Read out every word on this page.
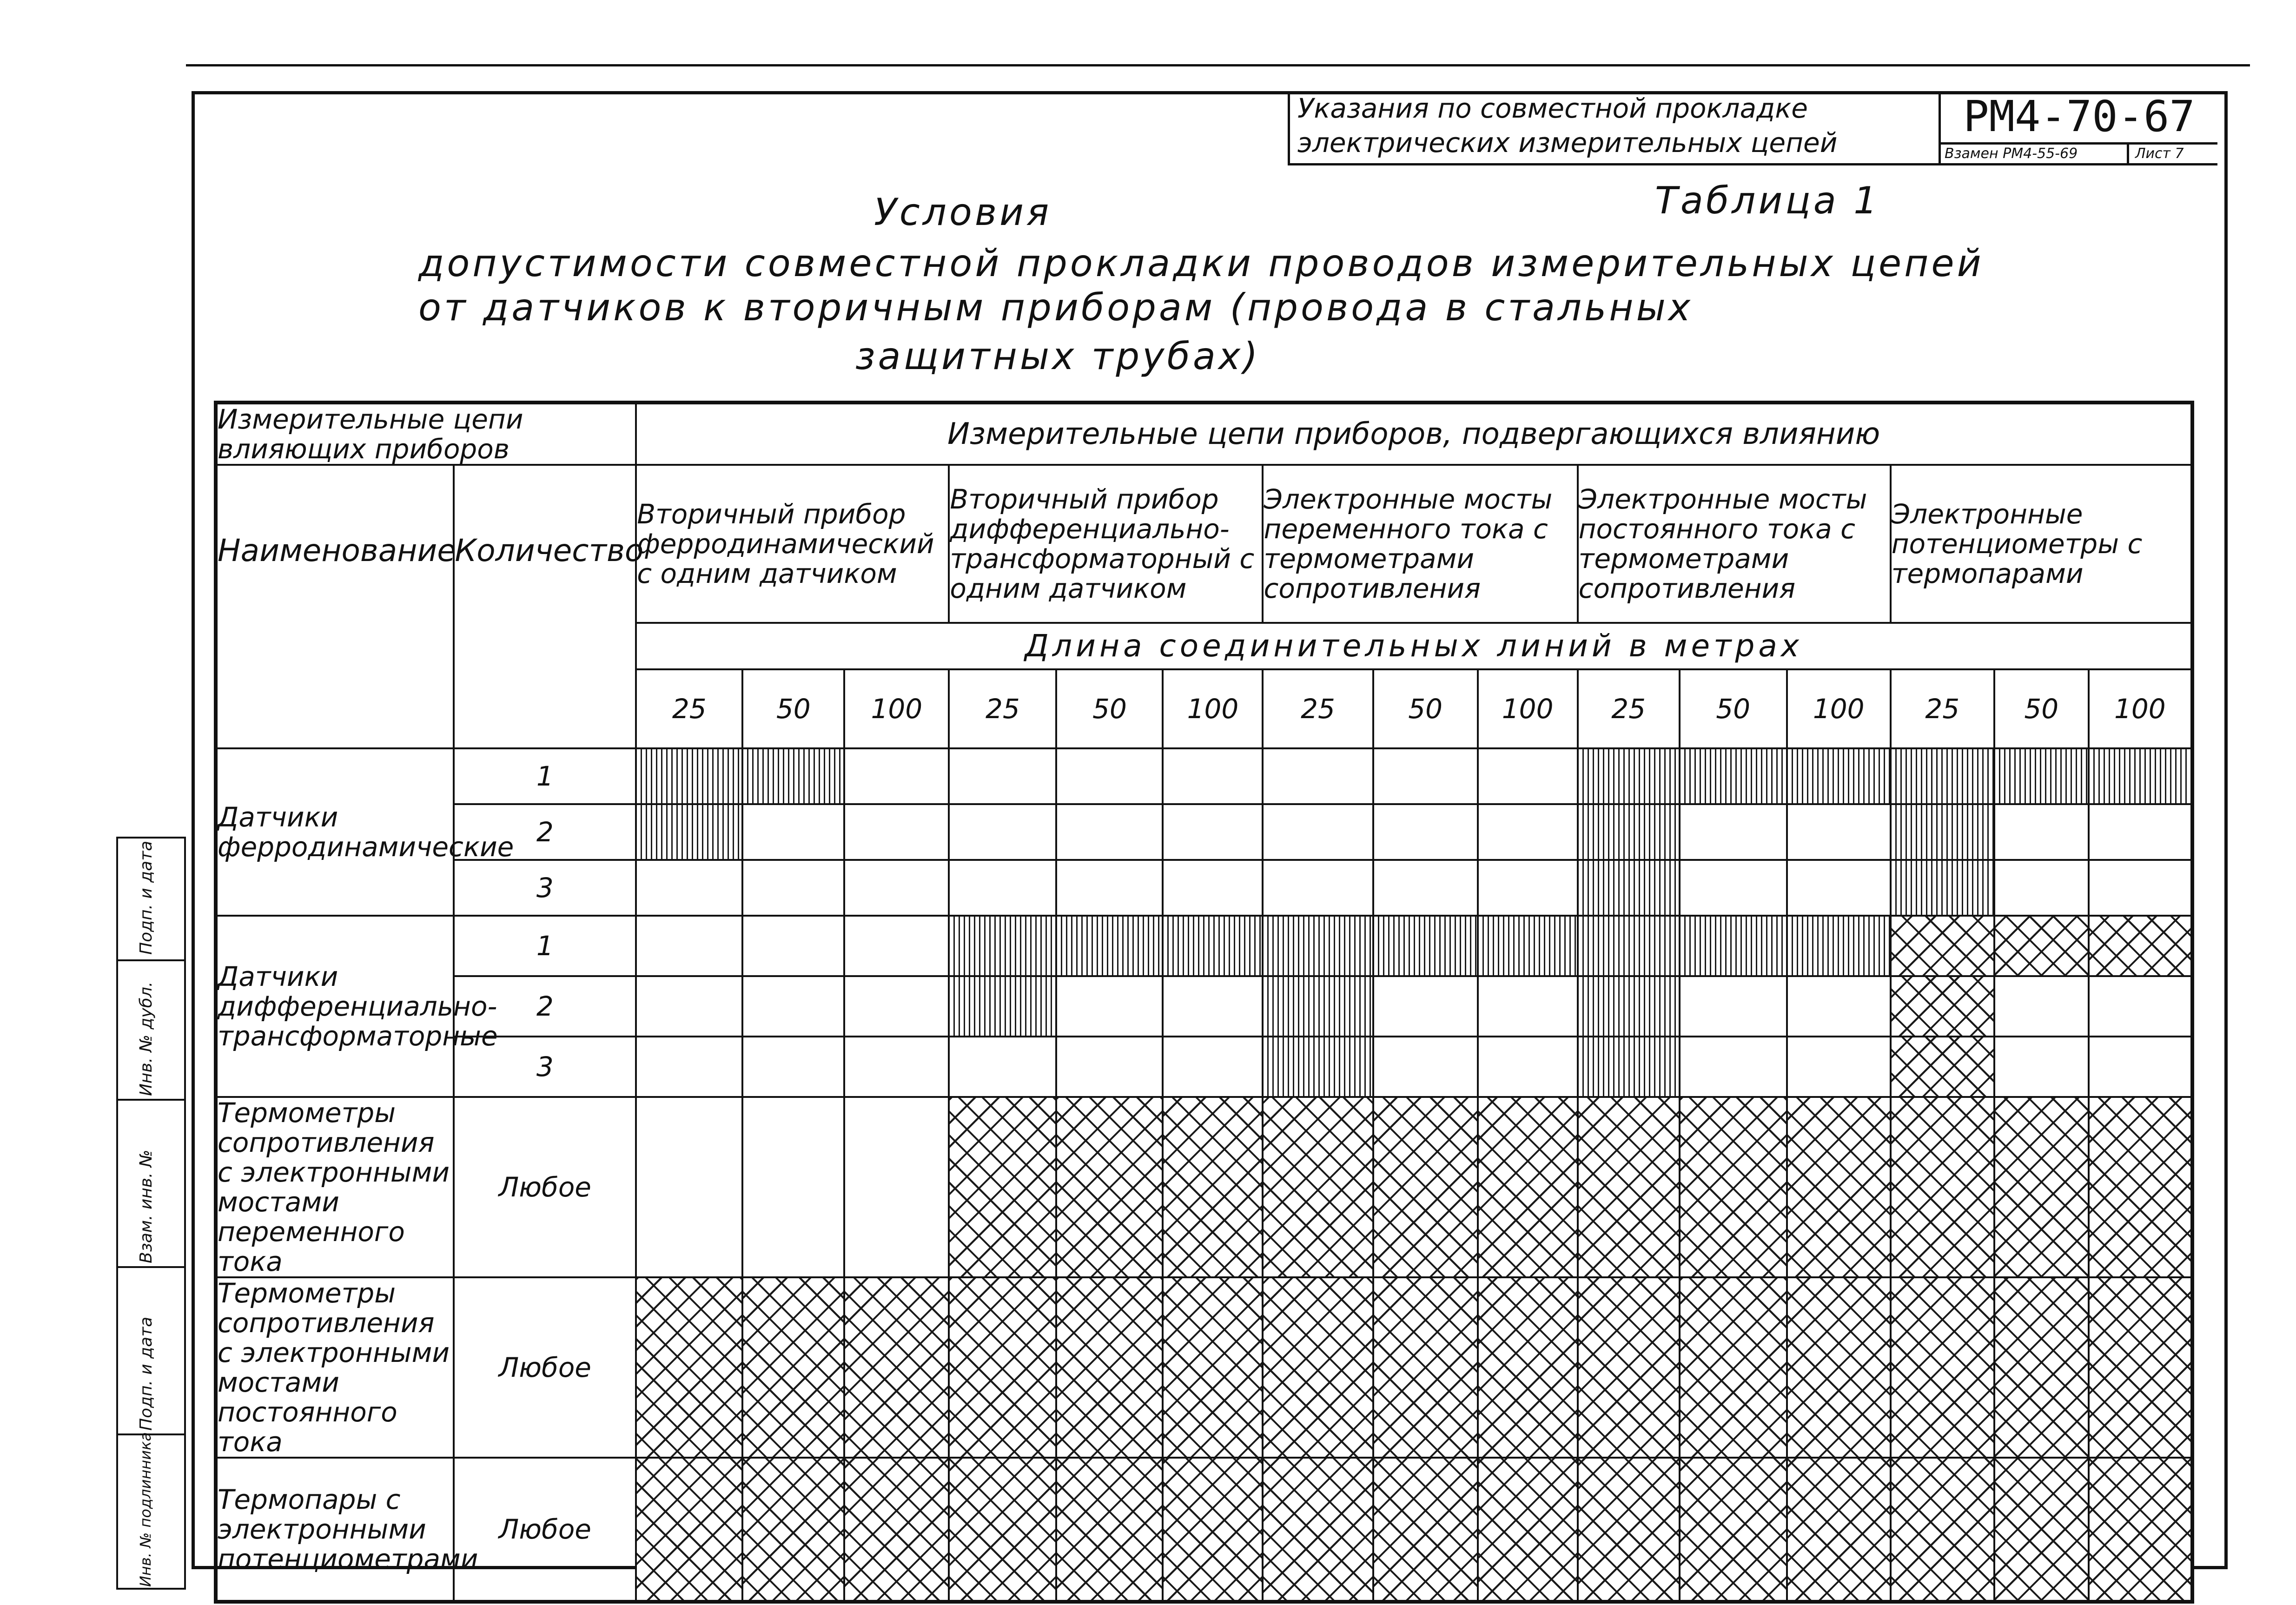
Подп. и дата
Инв. № дубл.
Взам. инв. №
Подп. и дата
Инв. № подлинника
Указания по совместной прокладке
электрических измерительных цепей
РМ4-70-67
Взамен РМ4-55-69	Лист 7
Таблица 1
Условия
допустимости совместной прокладки проводов измерительных цепей
от датчиков к вторичным приборам (провода в стальных
защитных трубах)
Измерительные цепи влияющих приборов		Измерительные цепи приборов, подвергающихся влиянию														
Наименование	Количество	Вторичный прибор ферродинамический с одним датчиком			Вторичный прибор дифференциально-трансформаторный с одним датчиком			Электронные мосты переменного тока с термометрами сопротивления			Электронные мосты постоянного тока с термометрами сопротивления			Электронные потенциометры с термопарами		
		Длина соединительных линий в метрах														
		25	50	100	25	50	100	25	50	100	25	50	100	25	50	100
Датчики ферродинамические	1															
	2															
	3															
Датчики дифференциально-трансформаторные	1															
	2															
	3															
Термометры сопротивления с электронными мостами переменного тока	Любое															
Термометры сопротивления с электронными мостами постоянного тока	Любое															
Термопары с электронными потенциометрами	Любое															
